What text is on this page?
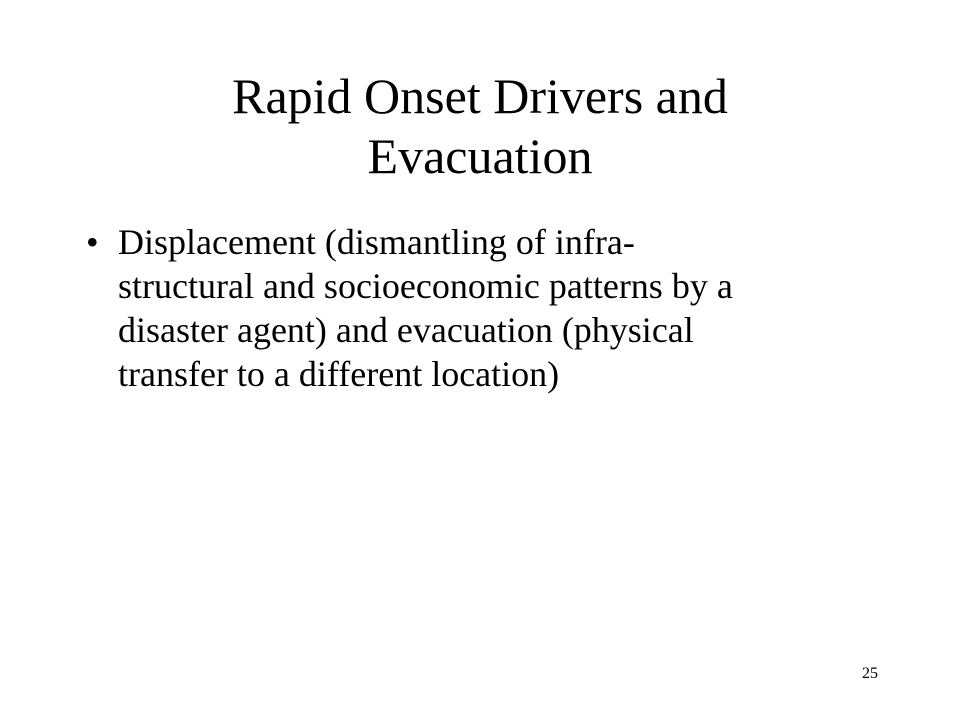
Rapid Onset Drivers and
Evacuation
• Displacement (dismantling of infra-
structural and socioeconomic patterns by a
disaster agent) and evacuation (physical
transfer to a different location)
25
